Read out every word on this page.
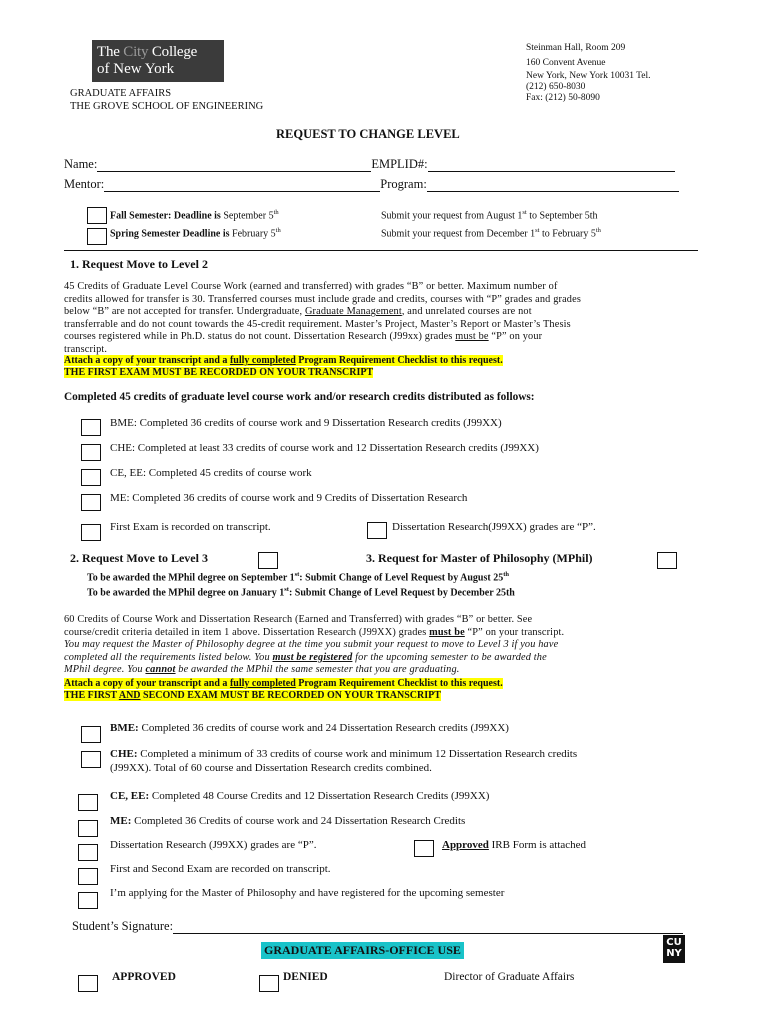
The City College
of New York
GRADUATE AFFAIRS
THE GROVE SCHOOL OF ENGINEERING
Steinman Hall, Room 209
160 Convent Avenue
New York, New York 10031 Tel.
(212) 650-8030
Fax: (212) 50-8090
REQUEST TO CHANGE LEVEL
Name:	EMPLID#:
Mentor:	Program:
Fall Semester: Deadline is September 5th	Submit your request from August 1st to September 5th
Spring Semester Deadline is February 5th	Submit your request from December 1st to February 5th
1. Request Move to Level 2
45 Credits of Graduate Level Course Work (earned and transferred) with grades “B” or better. Maximum number of
credits allowed for transfer is 30. Transferred courses must include grade and credits, courses with “P” grades and grades
below “B” are not accepted for transfer. Undergraduate, Graduate Management, and unrelated courses are not
transferrable and do not count towards the 45-credit requirement. Master’s Project, Master’s Report or Master’s Thesis
courses registered while in Ph.D. status do not count. Dissertation Research (J99xx) grades must be “P” on your
transcript.
Attach a copy of your transcript and a fully completed Program Requirement Checklist to this request.
THE FIRST EXAM MUST BE RECORDED ON YOUR TRANSCRIPT
Completed 45 credits of graduate level course work and/or research credits distributed as follows:
BME: Completed 36 credits of course work and 9 Dissertation Research credits (J99XX)
CHE: Completed at least 33 credits of course work and 12 Dissertation Research credits (J99XX)
CE, EE: Completed 45 credits of course work
ME: Completed 36 credits of course work and 9 Credits of Dissertation Research
First Exam is recorded on transcript.	Dissertation Research(J99XX) grades are “P”.
2. Request Move to Level 3	3. Request for Master of Philosophy (MPhil)
To be awarded the MPhil degree on September 1st: Submit Change of Level Request by August 25th
To be awarded the MPhil degree on January 1st: Submit Change of Level Request by December 25th
60 Credits of Course Work and Dissertation Research (Earned and Transferred) with grades “B” or better. See
course/credit criteria detailed in item 1 above. Dissertation Research (J99XX) grades must be “P” on your transcript.
You may request the Master of Philosophy degree at the time you submit your request to move to Level 3 if you have
completed all the requirements listed below. You must be registered for the upcoming semester to be awarded the
MPhil degree. You cannot be awarded the MPhil the same semester that you are graduating.
Attach a copy of your transcript and a fully completed Program Requirement Checklist to this request.
THE FIRST AND SECOND EXAM MUST BE RECORDED ON YOUR TRANSCRIPT
BME: Completed 36 credits of course work and 24 Dissertation Research credits (J99XX)
CHE: Completed a minimum of 33 credits of course work and minimum 12 Dissertation Research credits
(J99XX). Total of 60 course and Dissertation Research credits combined.
CE, EE: Completed 48 Course Credits and 12 Dissertation Research Credits (J99XX)
ME: Completed 36 Credits of course work and 24 Dissertation Research Credits
Dissertation Research (J99XX) grades are “P”.	Approved IRB Form is attached
First and Second Exam are recorded on transcript.
I’m applying for the Master of Philosophy and have registered for the upcoming semester
Student’s Signature:
GRADUATE AFFAIRS-OFFICE USE
CU
NY
APPROVED	DENIED	Director of Graduate Affairs
